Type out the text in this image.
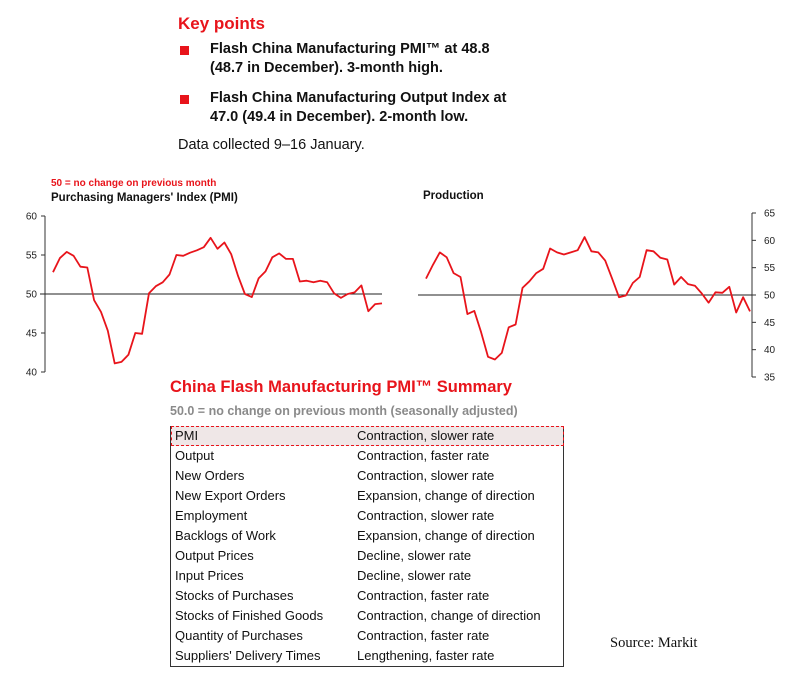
Key points
Flash China Manufacturing PMI™ at 48.8
(48.7 in December). 3-month high.
Flash China Manufacturing Output Index at
47.0 (49.4 in December). 2-month low.
Data collected 9–16 January.
50 = no change on previous month
Purchasing Managers' Index (PMI)	Production
60
55
50
45
40
65
60
55
50
45
40
35
China Flash Manufacturing PMI™ Summary
50.0 = no change on previous month (seasonally adjusted)
PMI	Contraction, slower rate
Output	Contraction, faster rate
New Orders	Contraction, slower rate
New Export Orders	Expansion, change of direction
Employment	Contraction, slower rate
Backlogs of Work	Expansion, change of direction
Output Prices	Decline, slower rate
Input Prices	Decline, slower rate
Stocks of Purchases	Contraction, faster rate
Stocks of Finished Goods	Contraction, change of direction
Quantity of Purchases	Contraction, faster rate
Suppliers' Delivery Times	Lengthening, faster rate
Source: Markit
